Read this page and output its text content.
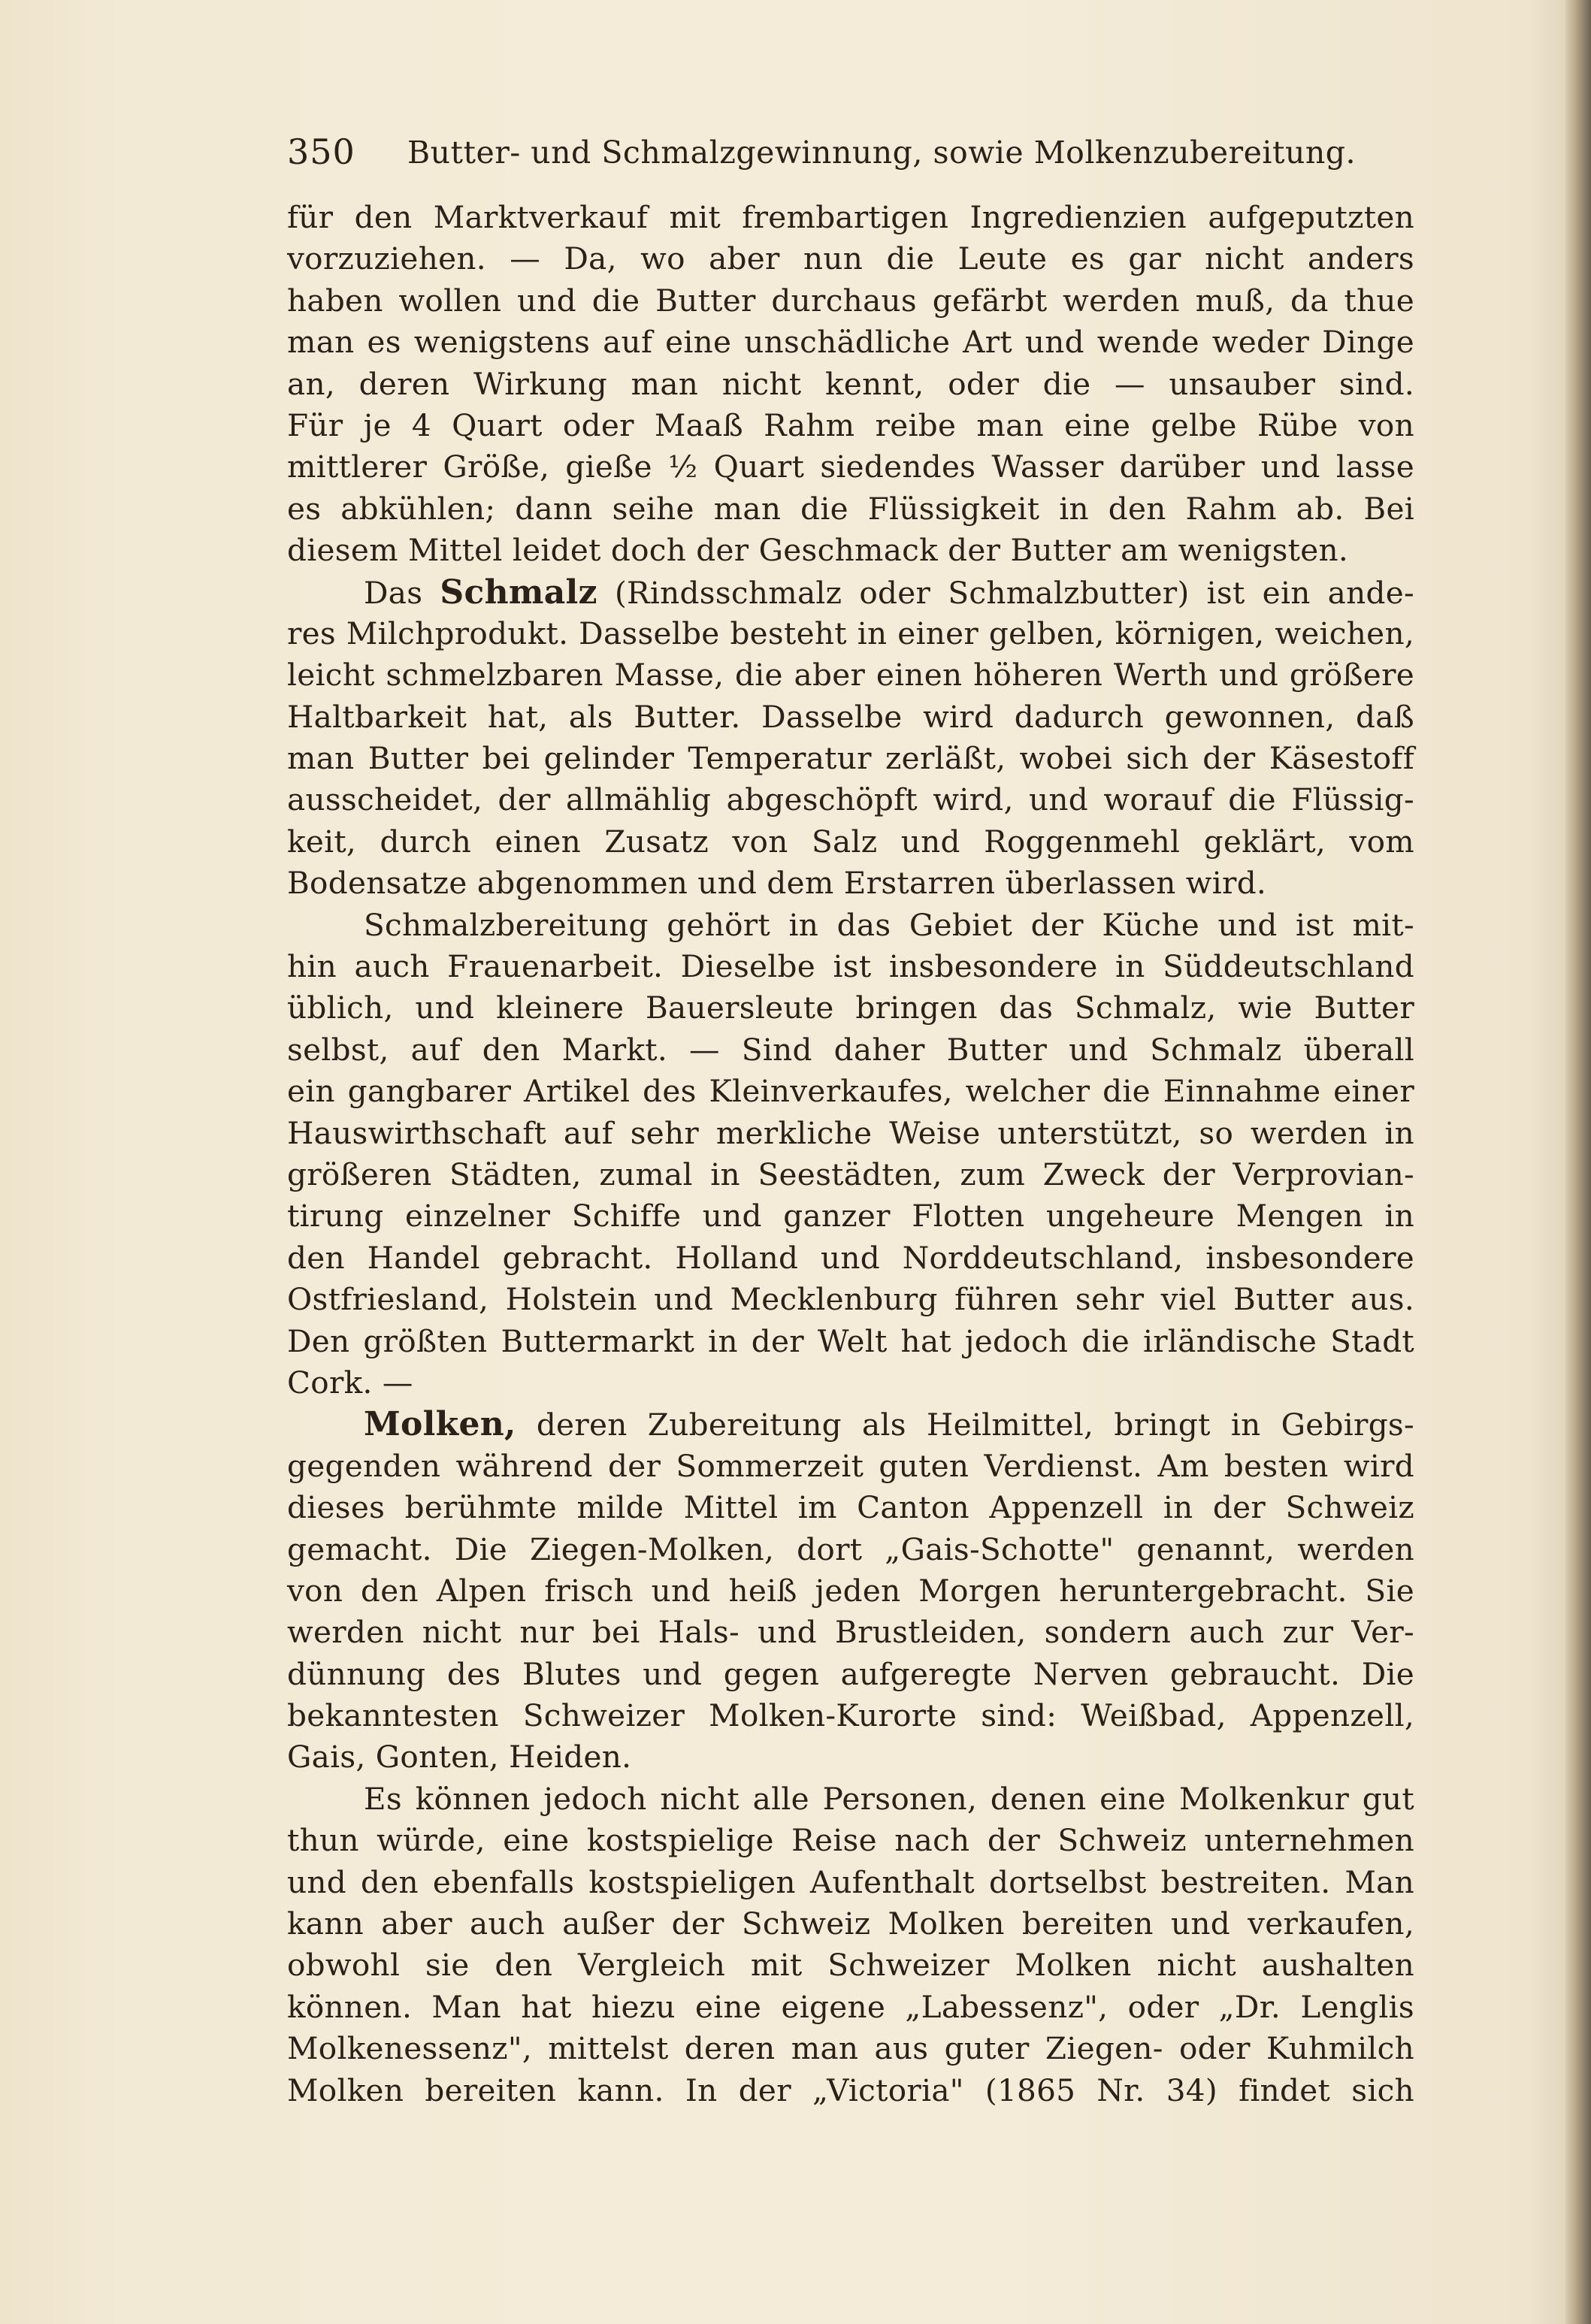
350 Butter- und Schmalzgewinnung, sowie Molkenzubereitung.
für den Marktverkauf mit frembartigen Ingredienzien aufgeputzten
vorzuziehen. — Da, wo aber nun die Leute es gar nicht anders
haben wollen und die Butter durchaus gefärbt werden muß, da thue
man es wenigstens auf eine unschädliche Art und wende weder Dinge
an, deren Wirkung man nicht kennt, oder die — unsauber sind.
Für je 4 Quart oder Maaß Rahm reibe man eine gelbe Rübe von
mittlerer Größe, gieße ½ Quart siedendes Wasser darüber und lasse
es abkühlen; dann seihe man die Flüssigkeit in den Rahm ab. Bei
diesem Mittel leidet doch der Geschmack der Butter am wenigsten.
Das Schmalz (Rindsschmalz oder Schmalzbutter) ist ein ande-
res Milchprodukt. Dasselbe besteht in einer gelben, körnigen, weichen,
leicht schmelzbaren Masse, die aber einen höheren Werth und größere
Haltbarkeit hat, als Butter. Dasselbe wird dadurch gewonnen, daß
man Butter bei gelinder Temperatur zerläßt, wobei sich der Käsestoff
ausscheidet, der allmählig abgeschöpft wird, und worauf die Flüssig-
keit, durch einen Zusatz von Salz und Roggenmehl geklärt, vom
Bodensatze abgenommen und dem Erstarren überlassen wird.
Schmalzbereitung gehört in das Gebiet der Küche und ist mit-
hin auch Frauenarbeit. Dieselbe ist insbesondere in Süddeutschland
üblich, und kleinere Bauersleute bringen das Schmalz, wie Butter
selbst, auf den Markt. — Sind daher Butter und Schmalz überall
ein gangbarer Artikel des Kleinverkaufes, welcher die Einnahme einer
Hauswirthschaft auf sehr merkliche Weise unterstützt, so werden in
größeren Städten, zumal in Seestädten, zum Zweck der Verprovian-
tirung einzelner Schiffe und ganzer Flotten ungeheure Mengen in
den Handel gebracht. Holland und Norddeutschland, insbesondere
Ostfriesland, Holstein und Mecklenburg führen sehr viel Butter aus.
Den größten Buttermarkt in der Welt hat jedoch die irländische Stadt
Cork. —
Molken, deren Zubereitung als Heilmittel, bringt in Gebirgs-
gegenden während der Sommerzeit guten Verdienst. Am besten wird
dieses berühmte milde Mittel im Canton Appenzell in der Schweiz
gemacht. Die Ziegen-Molken, dort „Gais-Schotte" genannt, werden
von den Alpen frisch und heiß jeden Morgen heruntergebracht. Sie
werden nicht nur bei Hals- und Brustleiden, sondern auch zur Ver-
dünnung des Blutes und gegen aufgeregte Nerven gebraucht. Die
bekanntesten Schweizer Molken-Kurorte sind: Weißbad, Appenzell,
Gais, Gonten, Heiden.
Es können jedoch nicht alle Personen, denen eine Molkenkur gut
thun würde, eine kostspielige Reise nach der Schweiz unternehmen
und den ebenfalls kostspieligen Aufenthalt dortselbst bestreiten. Man
kann aber auch außer der Schweiz Molken bereiten und verkaufen,
obwohl sie den Vergleich mit Schweizer Molken nicht aushalten
können. Man hat hiezu eine eigene „Labessenz", oder „Dr. Lenglis
Molkenessenz", mittelst deren man aus guter Ziegen- oder Kuhmilch
Molken bereiten kann. In der „Victoria" (1865 Nr. 34) findet sich
